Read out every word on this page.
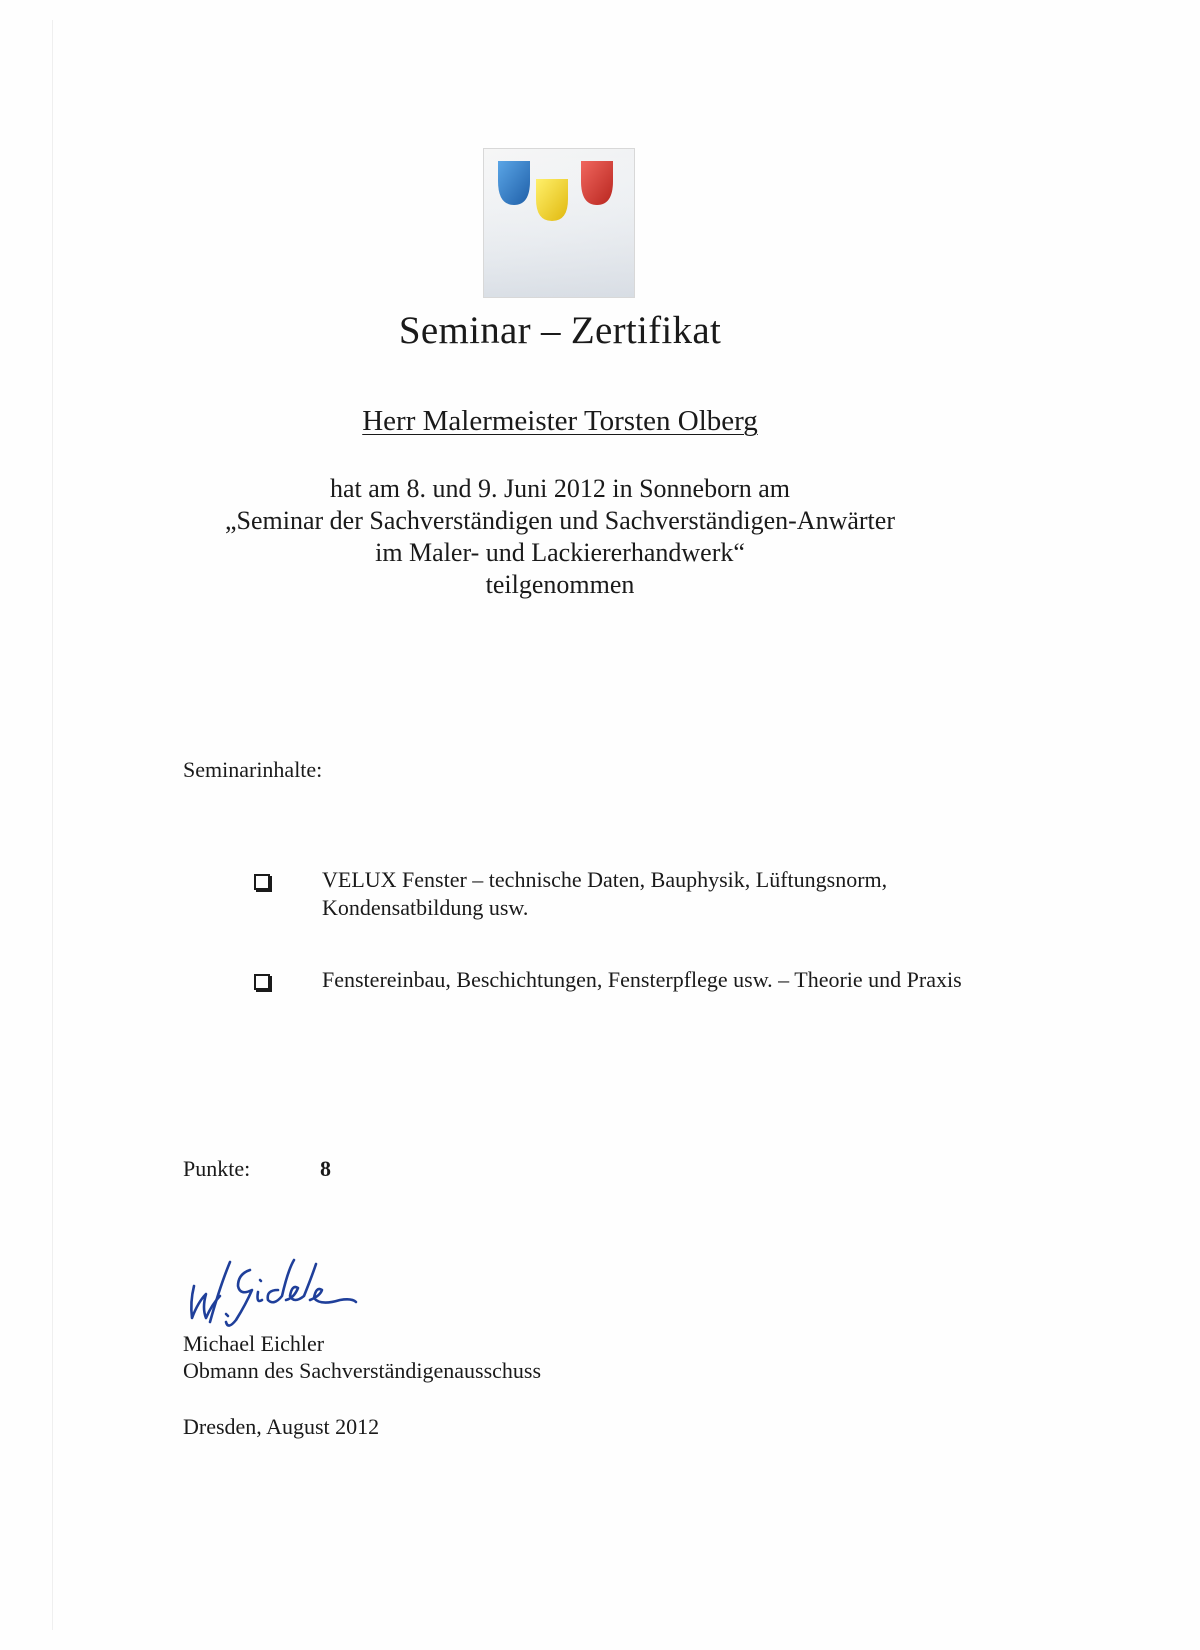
Seminar – Zertifikat
Herr Malermeister Torsten Olberg
hat am 8. und 9. Juni 2012 in Sonneborn am
„Seminar der Sachverständigen und Sachverständigen-Anwärter
im Maler- und Lackiererhandwerk“
teilgenommen
Seminarinhalte:
VELUX Fenster – technische Daten, Bauphysik, Lüftungsnorm, Kondensatbildung usw.
Fenstereinbau, Beschichtungen, Fensterpflege usw. – Theorie und Praxis
Punkte:	8
Michael Eichler
Obmann des Sachverständigenausschuss
Dresden, August 2012
